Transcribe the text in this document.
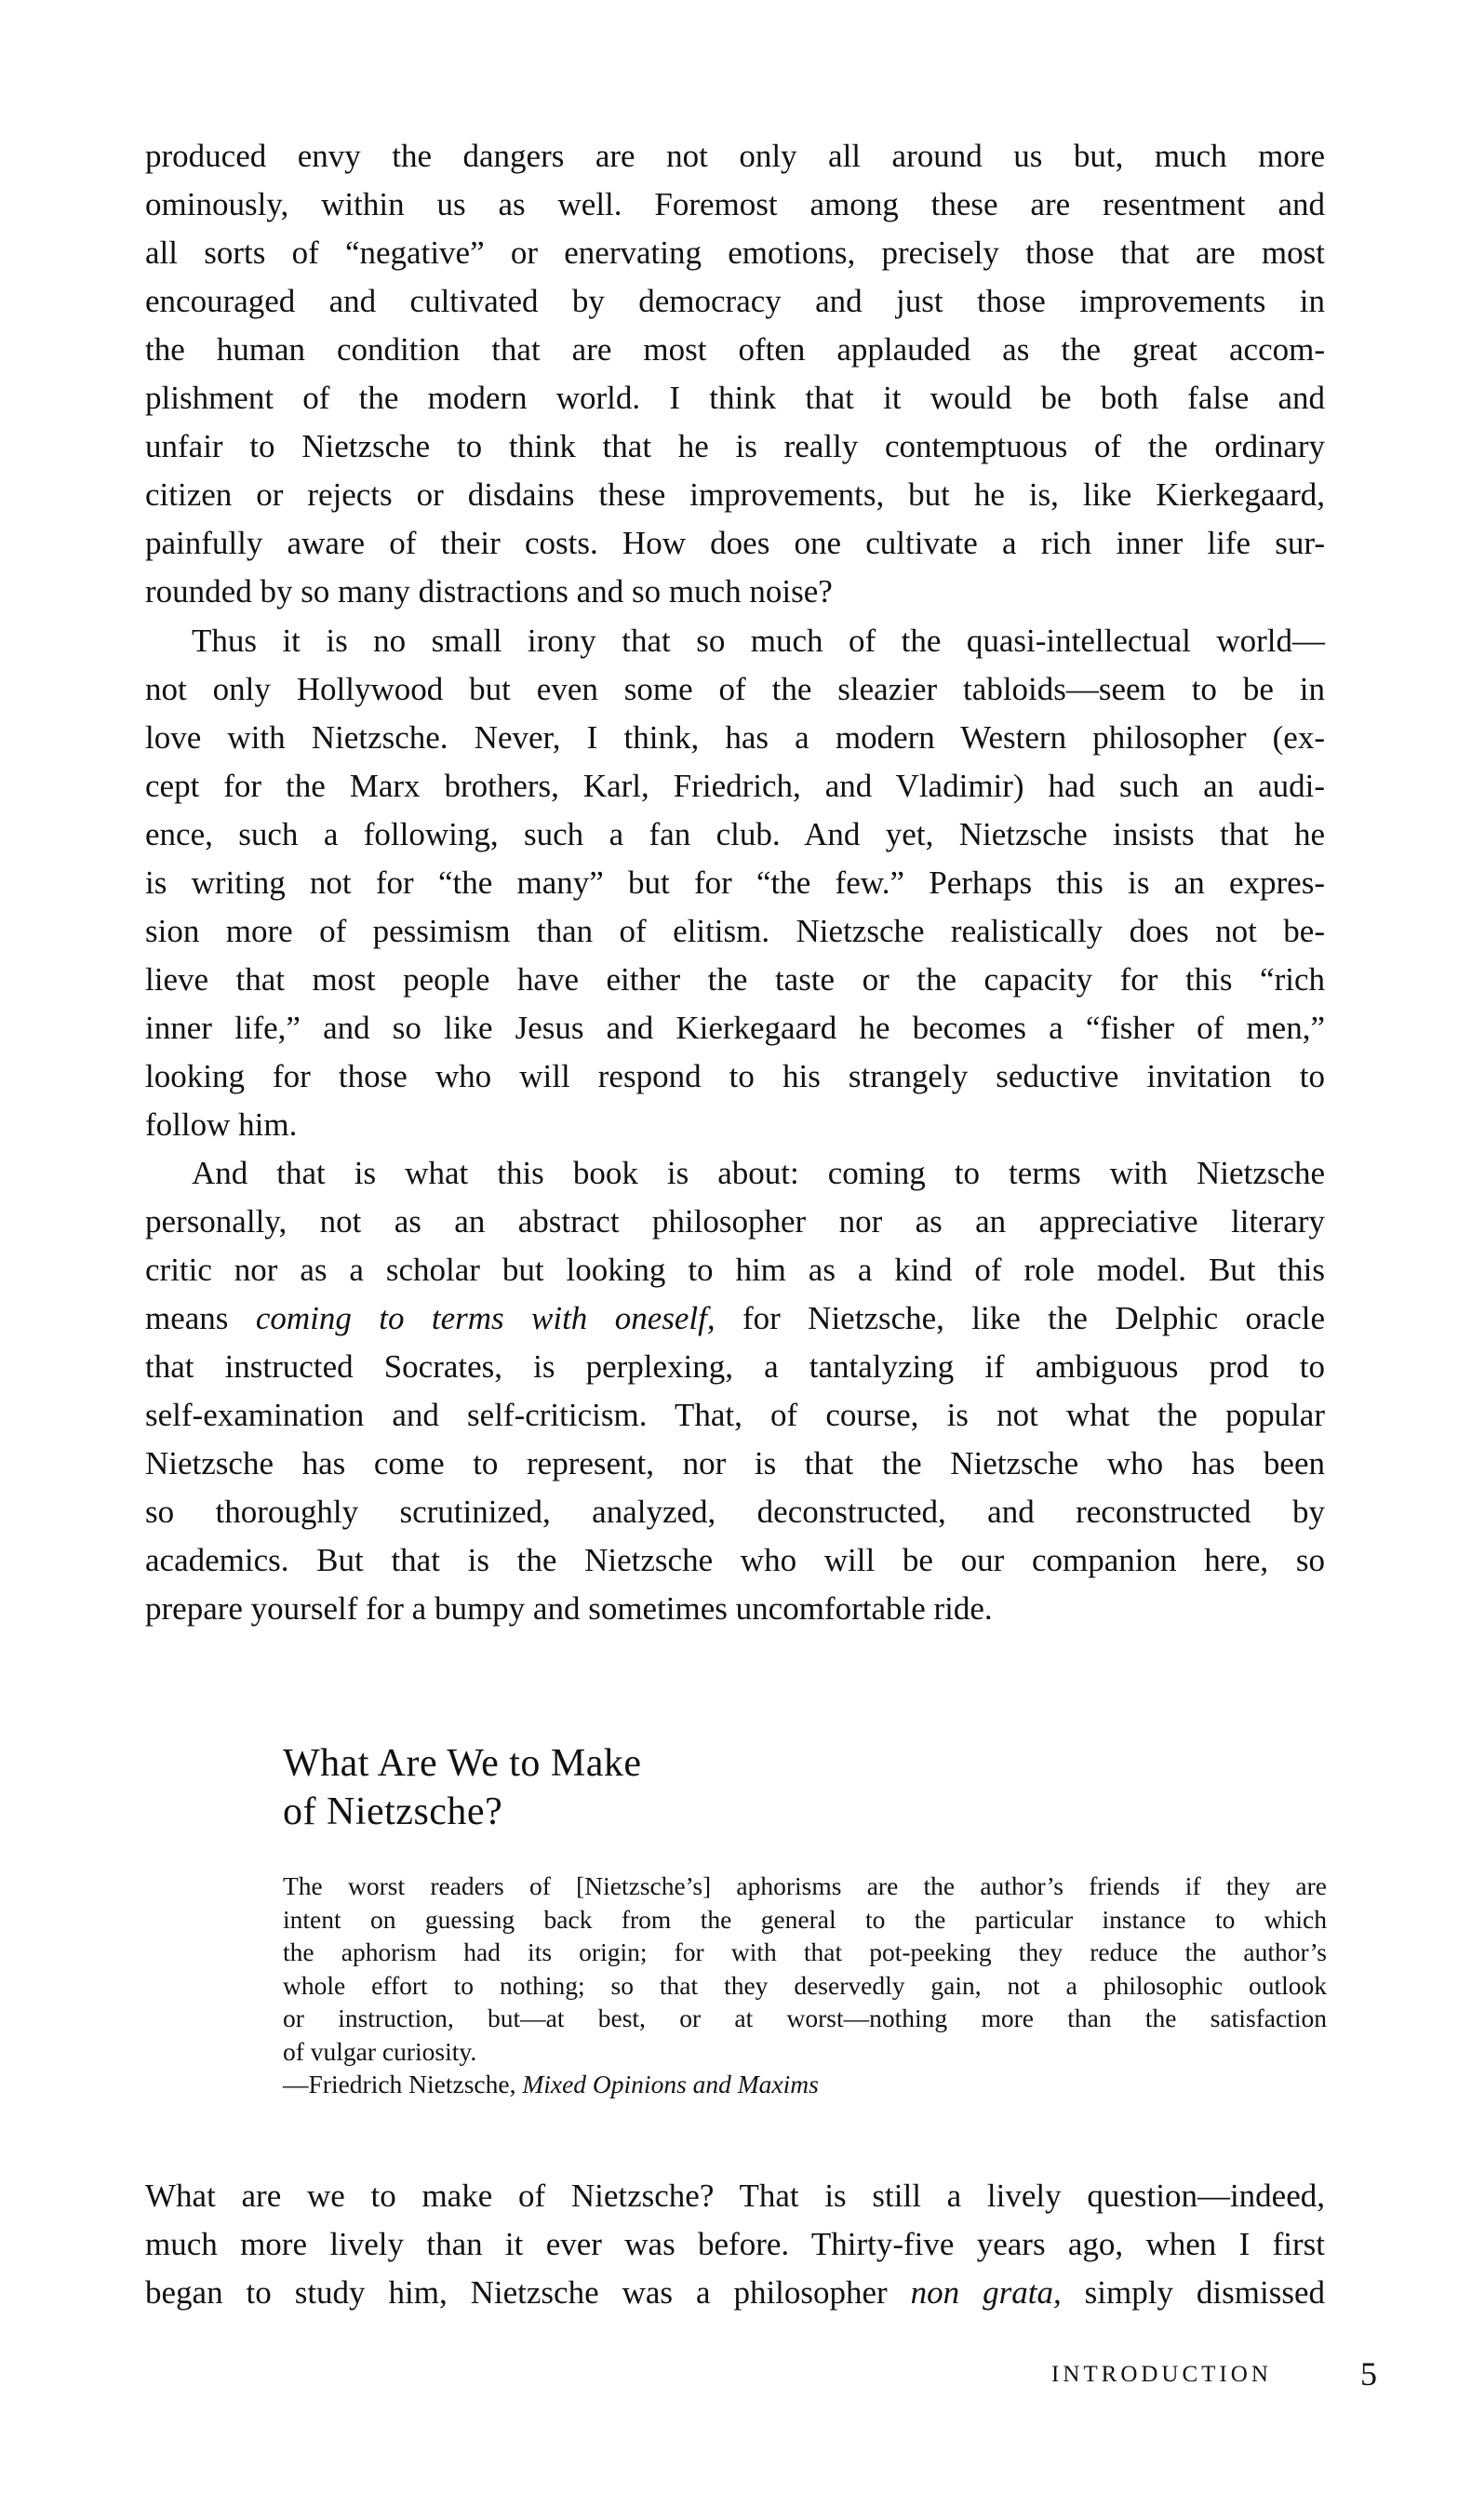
produced envy the dangers are not only all around us but, much more
ominously, within us as well. Foremost among these are resentment and
all sorts of “negative” or enervating emotions, precisely those that are most
encouraged and cultivated by democracy and just those improvements in
the human condition that are most often applauded as the great accom-
plishment of the modern world. I think that it would be both false and
unfair to Nietzsche to think that he is really contemptuous of the ordinary
citizen or rejects or disdains these improvements, but he is, like Kierkegaard,
painfully aware of their costs. How does one cultivate a rich inner life sur-
rounded by so many distractions and so much noise?
Thus it is no small irony that so much of the quasi-intellectual world—
not only Hollywood but even some of the sleazier tabloids—seem to be in
love with Nietzsche. Never, I think, has a modern Western philosopher (ex-
cept for the Marx brothers, Karl, Friedrich, and Vladimir) had such an audi-
ence, such a following, such a fan club. And yet, Nietzsche insists that he
is writing not for “the many” but for “the few.” Perhaps this is an expres-
sion more of pessimism than of elitism. Nietzsche realistically does not be-
lieve that most people have either the taste or the capacity for this “rich
inner life,” and so like Jesus and Kierkegaard he becomes a “fisher of men,”
looking for those who will respond to his strangely seductive invitation to
follow him.
And that is what this book is about: coming to terms with Nietzsche
personally, not as an abstract philosopher nor as an appreciative literary
critic nor as a scholar but looking to him as a kind of role model. But this
means coming to terms with oneself, for Nietzsche, like the Delphic oracle
that instructed Socrates, is perplexing, a tantalyzing if ambiguous prod to
self-examination and self-criticism. That, of course, is not what the popular
Nietzsche has come to represent, nor is that the Nietzsche who has been
so thoroughly scrutinized, analyzed, deconstructed, and reconstructed by
academics. But that is the Nietzsche who will be our companion here, so
prepare yourself for a bumpy and sometimes uncomfortable ride.
What Are We to Make
of Nietzsche?
The worst readers of [Nietzsche’s] aphorisms are the author’s friends if they are
intent on guessing back from the general to the particular instance to which
the aphorism had its origin; for with that pot-peeking they reduce the author’s
whole effort to nothing; so that they deservedly gain, not a philosophic outlook
or instruction, but—at best, or at worst—nothing more than the satisfaction
of vulgar curiosity.
—Friedrich Nietzsche, Mixed Opinions and Maxims
What are we to make of Nietzsche? That is still a lively question—indeed,
much more lively than it ever was before. Thirty-five years ago, when I first
began to study him, Nietzsche was a philosopher non grata, simply dismissed
INTRODUCTION	5
